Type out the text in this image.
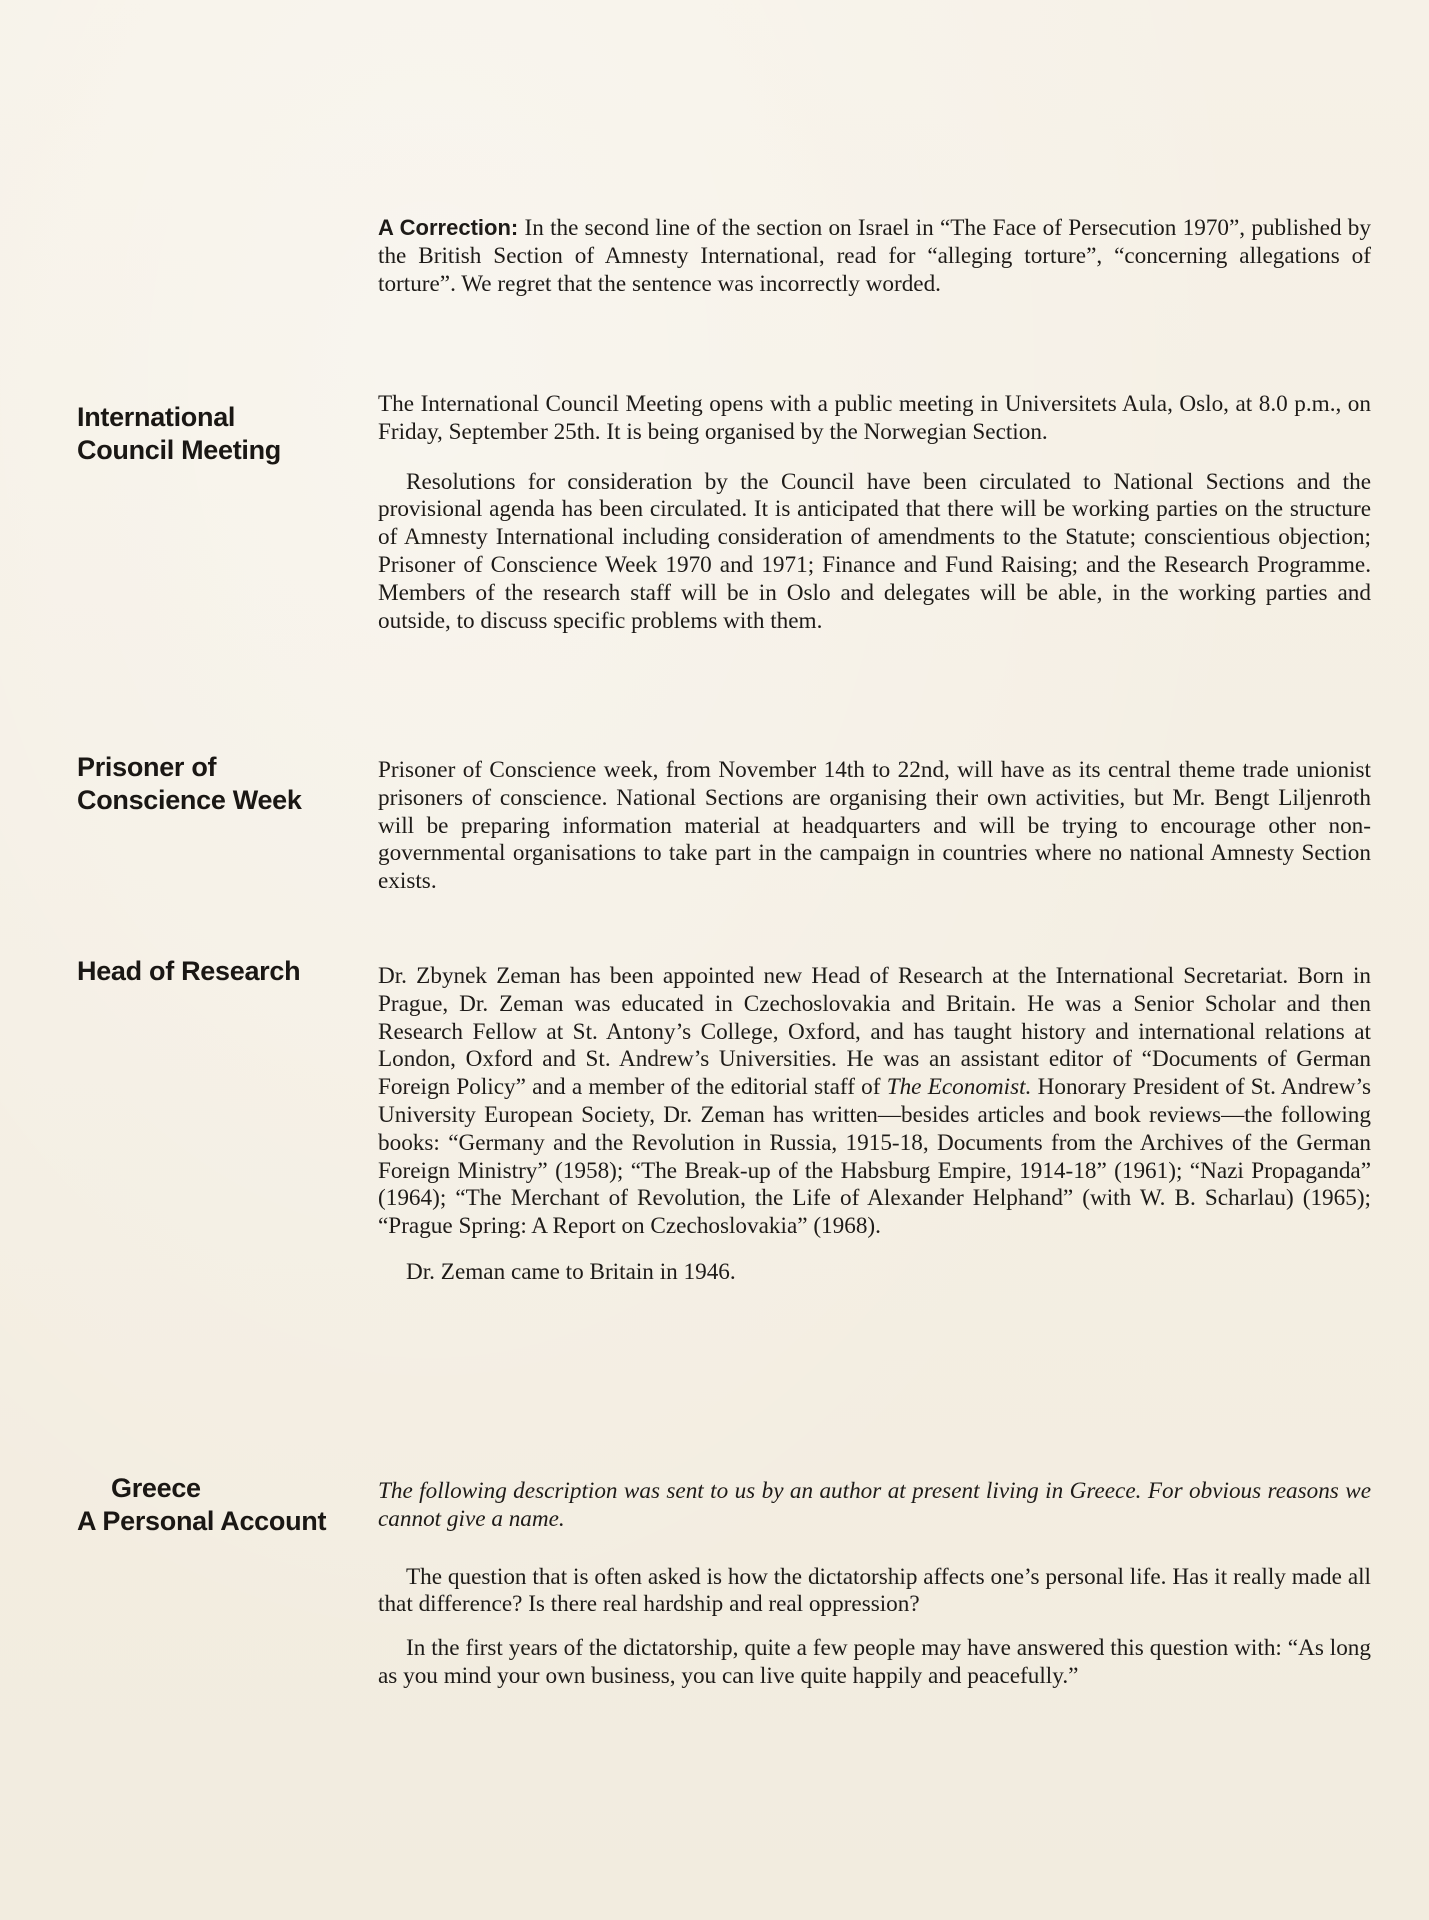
A Correction: In the second line of the section on Israel in “The Face of Persecution 1970”, published by the British Section of Amnesty International, read for “alleging torture”, “concerning allegations of torture”. We regret that the sentence was incorrectly worded.

International
Council Meeting

The International Council Meeting opens with a public meeting in Universitets Aula, Oslo, at 8.0 p.m., on Friday, September 25th. It is being organised by the Norwegian Section.

Resolutions for consideration by the Council have been circulated to National Sections and the provisional agenda has been circulated. It is anticipated that there will be working parties on the structure of Amnesty International including consideration of amendments to the Statute; conscientious objection; Prisoner of Conscience Week 1970 and 1971; Finance and Fund Raising; and the Research Programme. Members of the research staff will be in Oslo and delegates will be able, in the working parties and outside, to discuss specific problems with them.

Prisoner of
Conscience Week

Prisoner of Conscience week, from November 14th to 22nd, will have as its central theme trade unionist prisoners of conscience. National Sections are organising their own activities, but Mr. Bengt Liljenroth will be preparing information material at headquarters and will be trying to encourage other non-governmental organisations to take part in the campaign in countries where no national Amnesty Section exists.

Head of Research	Dr. Zbynek Zeman has been appointed new Head of Research at the International Secretariat. Born in Prague, Dr. Zeman was educated in Czechoslovakia and Britain. He was a Senior Scholar and then Research Fellow at St. Antony’s College, Oxford, and has taught history and international relations at London, Oxford and St. Andrew’s Universities. He was an assistant editor of “Documents of German Foreign Policy” and a member of the editorial staff of The Economist. Honorary President of St. Andrew’s University European Society, Dr. Zeman has written—besides articles and book reviews—the following books: “Germany and the Revolution in Russia, 1915-18, Documents from the Archives of the German Foreign Ministry” (1958); “The Break-up of the Habsburg Empire, 1914-18” (1961); “Nazi Propaganda” (1964); “The Merchant of Revolution, the Life of Alexander Helphand” (with W. B. Scharlau) (1965); “Prague Spring: A Report on Czechoslovakia” (1968).

Dr. Zeman came to Britain in 1946.

Greece
A Personal Account

The following description was sent to us by an author at present living in Greece. For obvious reasons we cannot give a name.

The question that is often asked is how the dictatorship affects one’s personal life. Has it really made all that difference? Is there real hardship and real oppression?

In the first years of the dictatorship, quite a few people may have answered this question with: “As long as you mind your own business, you can live quite happily and peacefully.”
